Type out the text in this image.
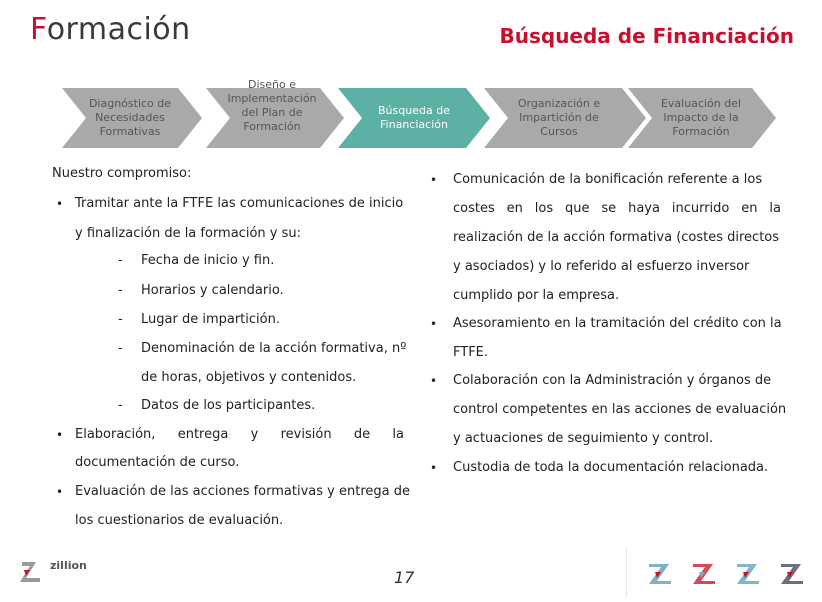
Formación	Búsqueda de Financiación
Diagnóstico de
Necesidades
Formativas
Diseño e
Implementación
del Plan de
Formación
Búsqueda de
Financiación
Organización e
Impartición de
Cursos
Evaluación del
Impacto de la
Formación
Nuestro compromiso:
• Tramitar ante la FTFE las comunicaciones de inicio
y finalización de la formación y su:
- Fecha de inicio y fin.
- Horarios y calendario.
- Lugar de impartición.
- Denominación de la acción formativa, nº
de horas, objetivos y contenidos.
- Datos de los participantes.
• Elaboración, entrega y revisión de la
documentación de curso.
• Evaluación de las acciones formativas y entrega de
los cuestionarios de evaluación.
• Comunicación de la bonificación referente a los
costes en los que se haya incurrido en la
realización de la acción formativa (costes directos
y asociados) y lo referido al esfuerzo inversor
cumplido por la empresa.
• Asesoramiento en la tramitación del crédito con la
FTFE.
• Colaboración con la Administración y órganos de
control competentes en las acciones de evaluación
y actuaciones de seguimiento y control.
• Custodia de toda la documentación relacionada.
zillion
17
